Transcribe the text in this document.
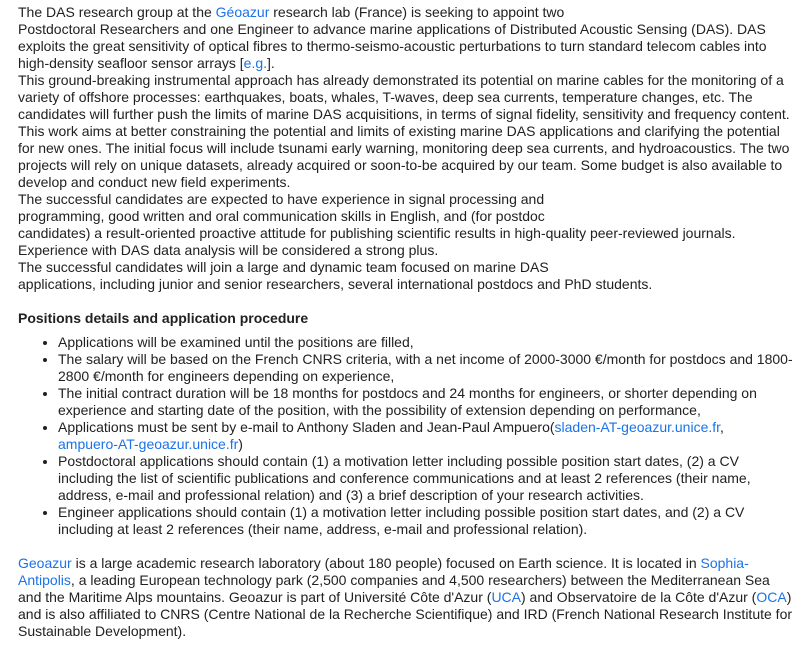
The DAS research group at the Géoazur research lab (France) is seeking to appoint two
Postdoctoral Researchers and one Engineer to advance marine applications of Distributed Acoustic Sensing (DAS). DAS exploits the great sensitivity of optical fibres to thermo-seismo-acoustic perturbations to turn standard telecom cables into high-density seafloor sensor arrays [e.g.].

This ground-breaking instrumental approach has already demonstrated its potential on marine cables for the monitoring of a variety of offshore processes: earthquakes, boats, whales, T-waves, deep sea currents, temperature changes, etc. The candidates will further push the limits of marine DAS acquisitions, in terms of signal fidelity, sensitivity and frequency content. This work aims at better constraining the potential and limits of existing marine DAS applications and clarifying the potential for new ones. The initial focus will include tsunami early warning, monitoring deep sea currents, and hydroacoustics. The two projects will rely on unique datasets, already acquired or soon-to-be acquired by our team. Some budget is also available to develop and conduct new field experiments.

The successful candidates are expected to have experience in signal processing and
programming, good written and oral communication skills in English, and (for postdoc
candidates) a result-oriented proactive attitude for publishing scientific results in high-quality peer-reviewed journals. Experience with DAS data analysis will be considered a strong plus.

The successful candidates will join a large and dynamic team focused on marine DAS
applications, including junior and senior researchers, several international postdocs and PhD students.

Positions details and application procedure
• Applications will be examined until the positions are filled,
• The salary will be based on the French CNRS criteria, with a net income of 2000-3000 €/month for postdocs and 1800-2800 €/month for engineers depending on experience,
• The initial contract duration will be 18 months for postdocs and 24 months for engineers, or shorter depending on experience and starting date of the position, with the possibility of extension depending on performance,
• Applications must be sent by e-mail to Anthony Sladen and Jean-Paul Ampuero(sladen-AT-geoazur.unice.fr,
ampuero-AT-geoazur.unice.fr)
• Postdoctoral applications should contain (1) a motivation letter including possible position start dates, (2) a CV including the list of scientific publications and conference communications and at least 2 references (their name, address, e-mail and professional relation) and (3) a brief description of your research activities.
• Engineer applications should contain (1) a motivation letter including possible position start dates, and (2) a CV including at least 2 references (their name, address, e-mail and professional relation).

Geoazur is a large academic research laboratory (about 180 people) focused on Earth science. It is located in Sophia-
Antipolis, a leading European technology park (2,500 companies and 4,500 researchers) between the Mediterranean Sea and the Maritime Alps mountains. Geoazur is part of Université Côte d'Azur (UCA) and Observatoire de la Côte d'Azur (OCA)
and is also affiliated to CNRS (Centre National de la Recherche Scientifique) and IRD (French National Research Institute for Sustainable Development).
